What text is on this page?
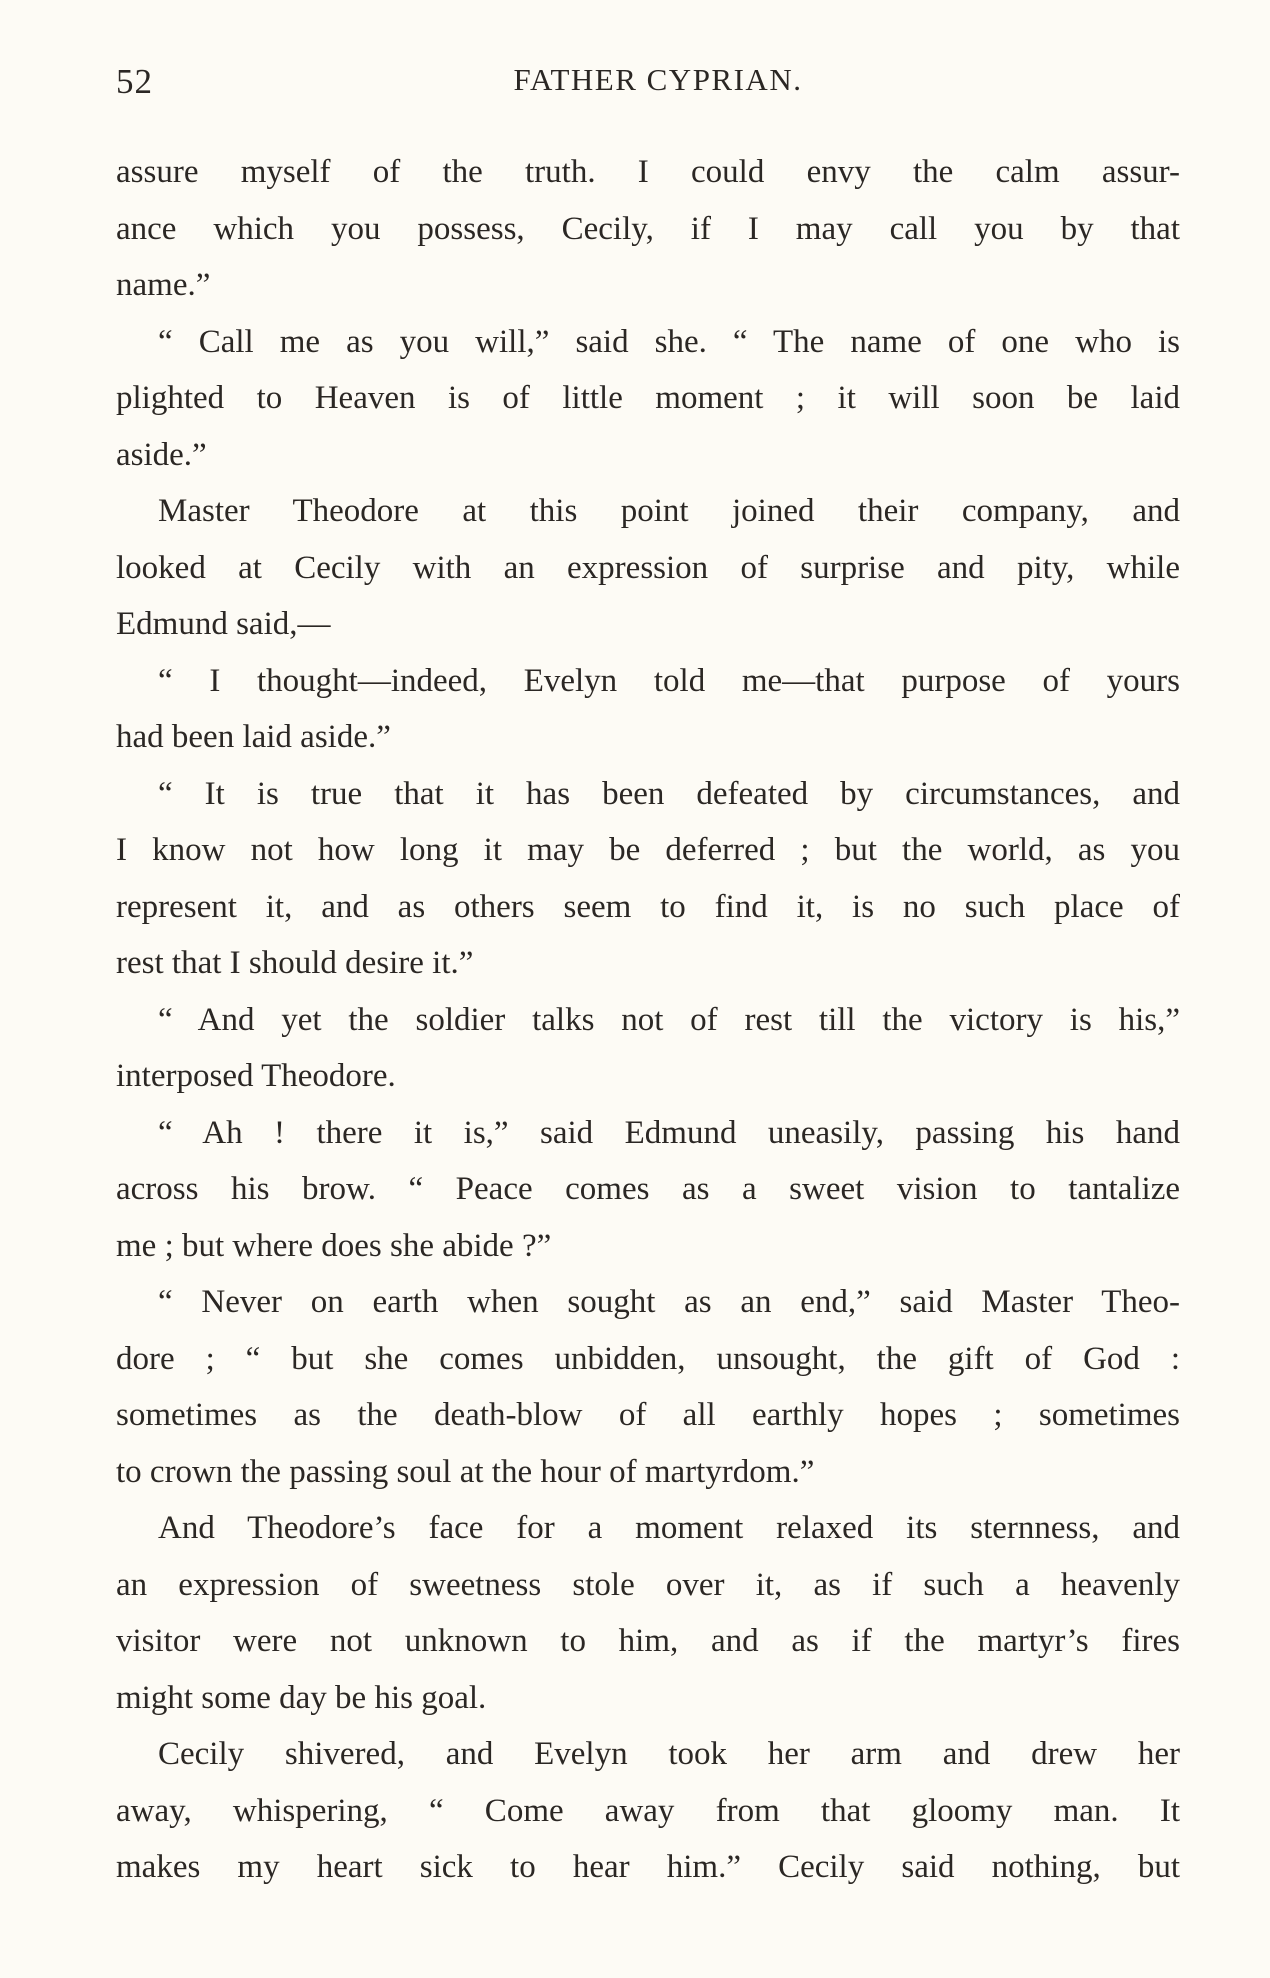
52	FATHER CYPRIAN.
assure myself of the truth. I could envy the calm assur-
ance which you possess, Cecily, if I may call you by that
name.”
“ Call me as you will,” said she. “ The name of one who is
plighted to Heaven is of little moment ; it will soon be laid
aside.”
Master Theodore at this point joined their company, and
looked at Cecily with an expression of surprise and pity, while
Edmund said,—
“ I thought—indeed, Evelyn told me—that purpose of yours
had been laid aside.”
“ It is true that it has been defeated by circumstances, and
I know not how long it may be deferred ; but the world, as you
represent it, and as others seem to find it, is no such place of
rest that I should desire it.”
“ And yet the soldier talks not of rest till the victory is his,”
interposed Theodore.
“ Ah ! there it is,” said Edmund uneasily, passing his hand
across his brow. “ Peace comes as a sweet vision to tantalize
me ; but where does she abide ?”
“ Never on earth when sought as an end,” said Master Theo-
dore ; “ but she comes unbidden, unsought, the gift of God :
sometimes as the death-blow of all earthly hopes ; sometimes
to crown the passing soul at the hour of martyrdom.”
And Theodore’s face for a moment relaxed its sternness, and
an expression of sweetness stole over it, as if such a heavenly
visitor were not unknown to him, and as if the martyr’s fires
might some day be his goal.
Cecily shivered, and Evelyn took her arm and drew her
away, whispering, “ Come away from that gloomy man. It
makes my heart sick to hear him.” Cecily said nothing, but
